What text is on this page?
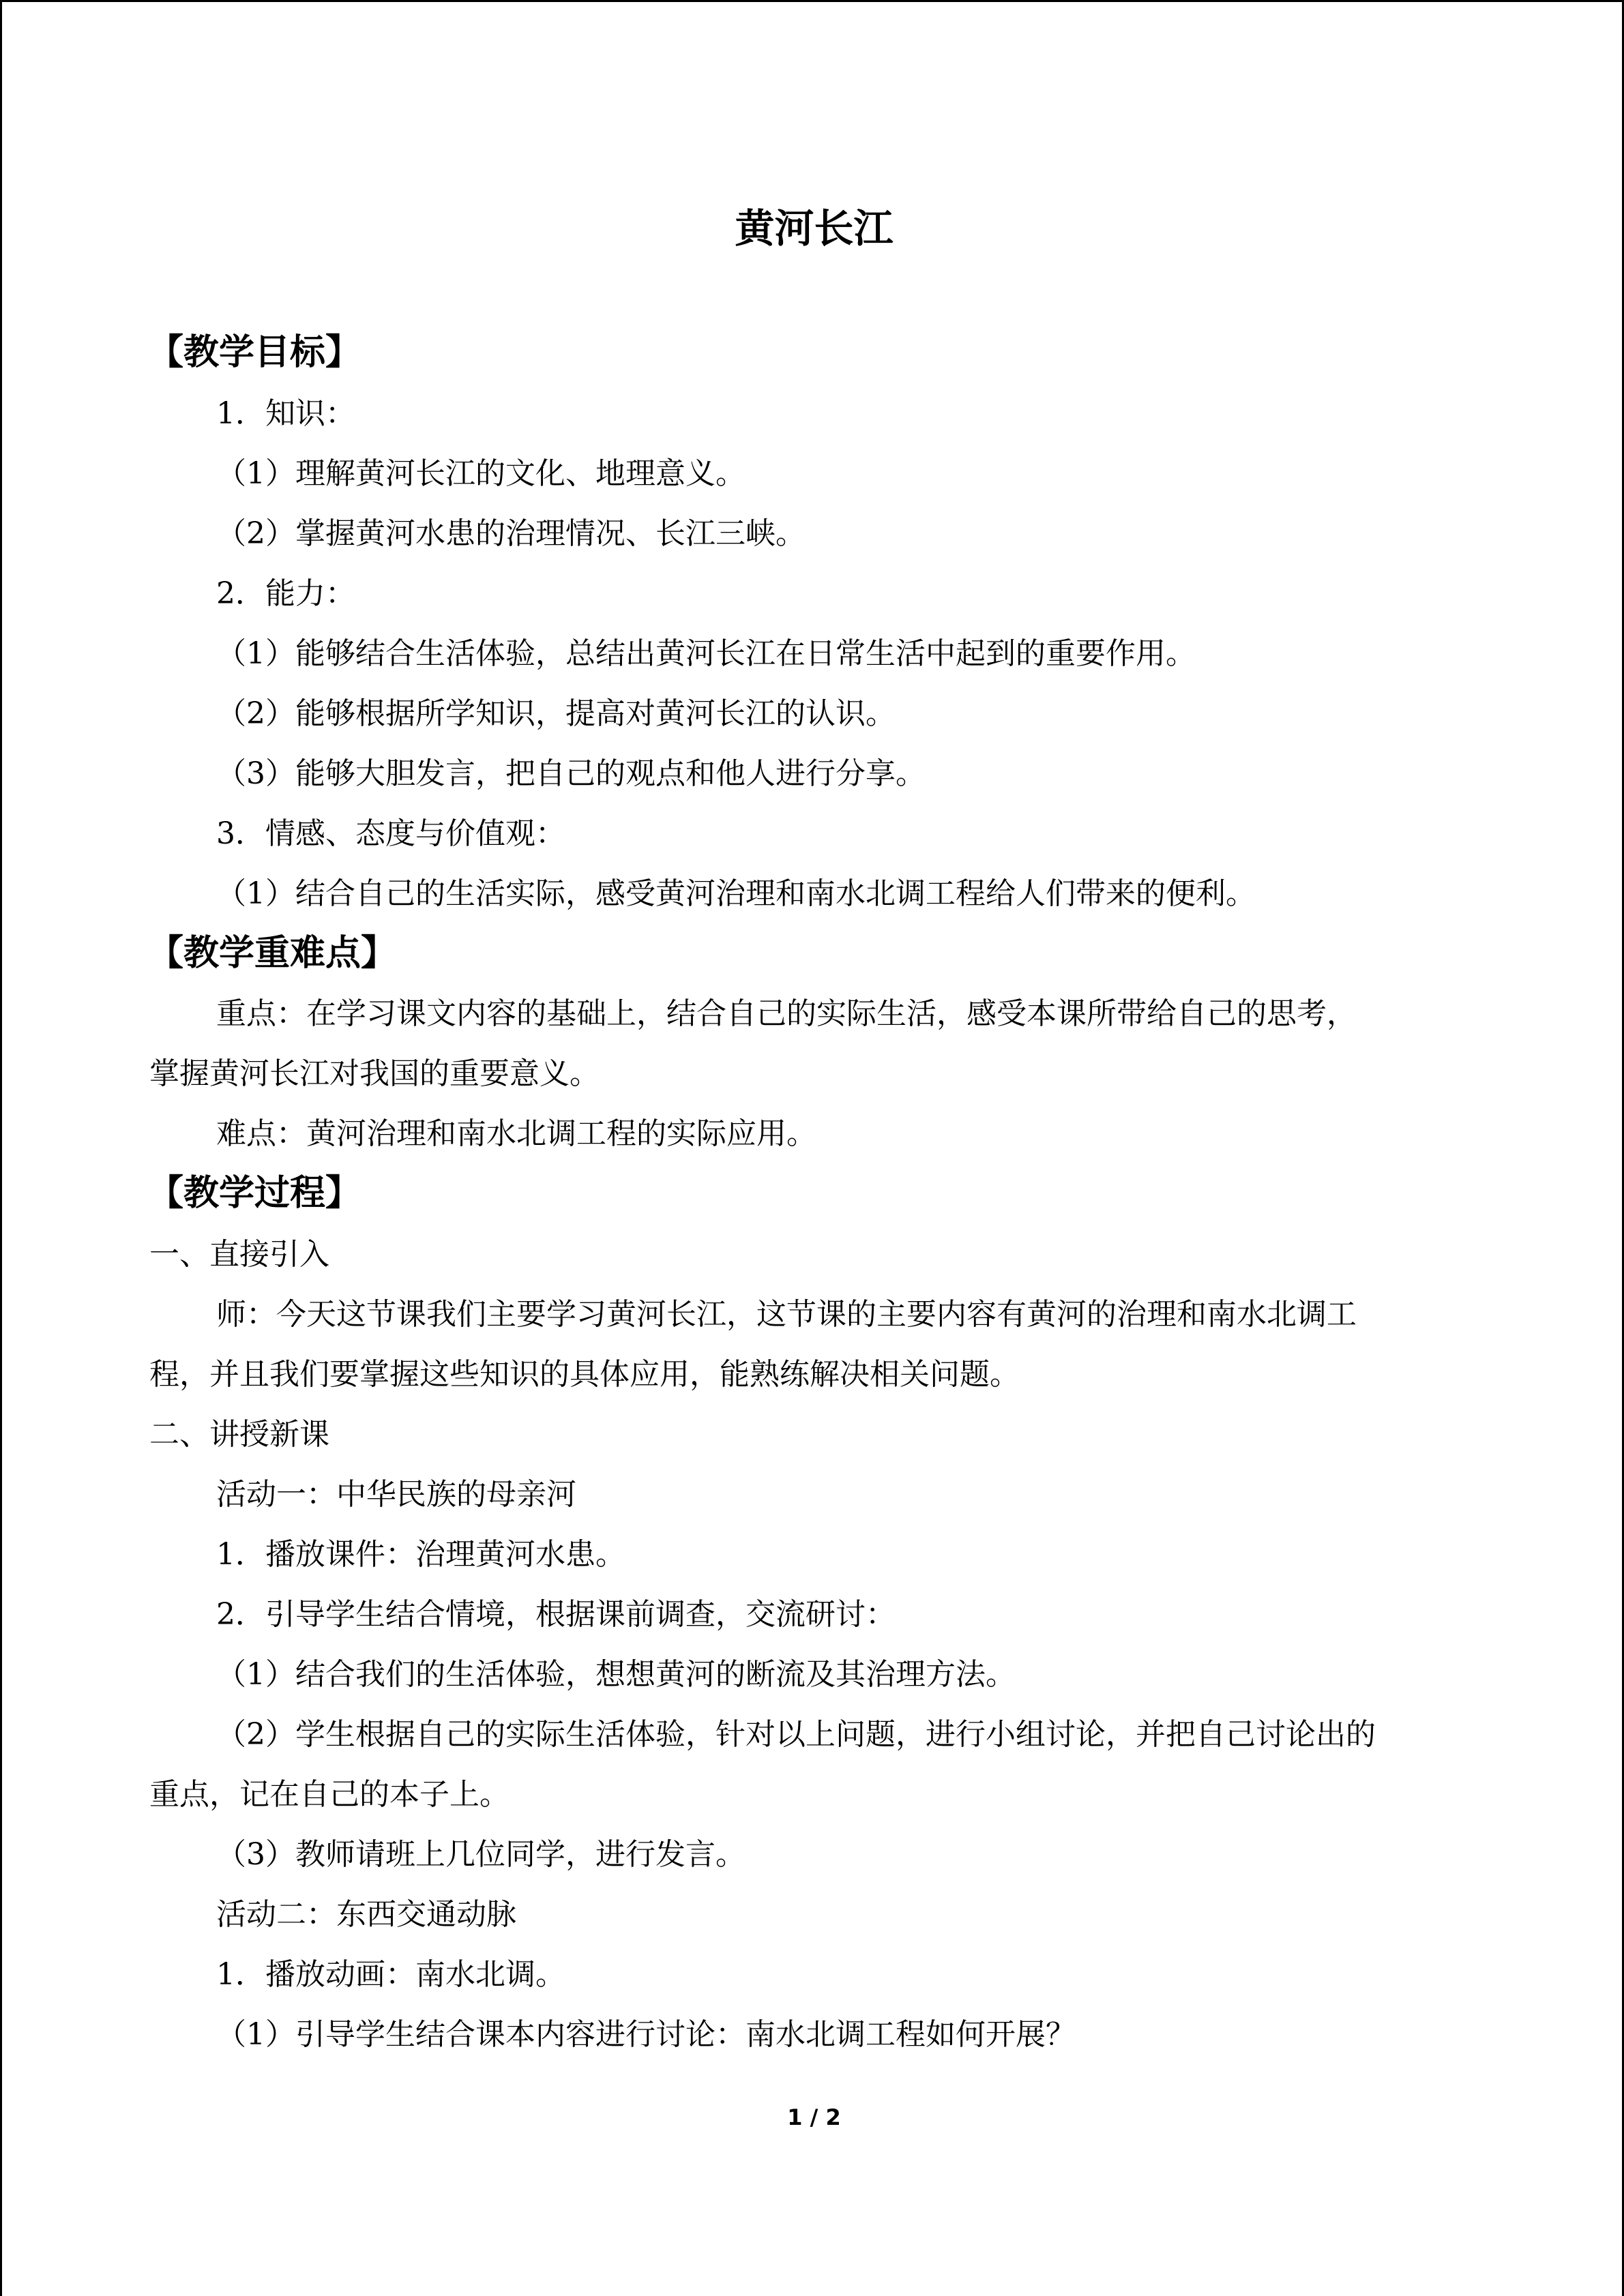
黄河长江
【教学目标】
1．知识：
（1）理解黄河长江的文化、地理意义。
（2）掌握黄河水患的治理情况、长江三峡。
2．能力：
（1）能够结合生活体验，总结出黄河长江在日常生活中起到的重要作用。
（2）能够根据所学知识，提高对黄河长江的认识。
（3）能够大胆发言，把自己的观点和他人进行分享。
3．情感、态度与价值观：
（1）结合自己的生活实际，感受黄河治理和南水北调工程给人们带来的便利。
【教学重难点】
重点：在学习课文内容的基础上，结合自己的实际生活，感受本课所带给自己的思考，
掌握黄河长江对我国的重要意义。
难点：黄河治理和南水北调工程的实际应用。
【教学过程】
一、直接引入
师：今天这节课我们主要学习黄河长江，这节课的主要内容有黄河的治理和南水北调工
程，并且我们要掌握这些知识的具体应用，能熟练解决相关问题。
二、讲授新课
活动一：中华民族的母亲河
1．播放课件：治理黄河水患。
2．引导学生结合情境，根据课前调查，交流研讨：
（1）结合我们的生活体验，想想黄河的断流及其治理方法。
（2）学生根据自己的实际生活体验，针对以上问题，进行小组讨论，并把自己讨论出的
重点，记在自己的本子上。
（3）教师请班上几位同学，进行发言。
活动二：东西交通动脉
1．播放动画：南水北调。
（1）引导学生结合课本内容进行讨论：南水北调工程如何开展？
1 / 2
